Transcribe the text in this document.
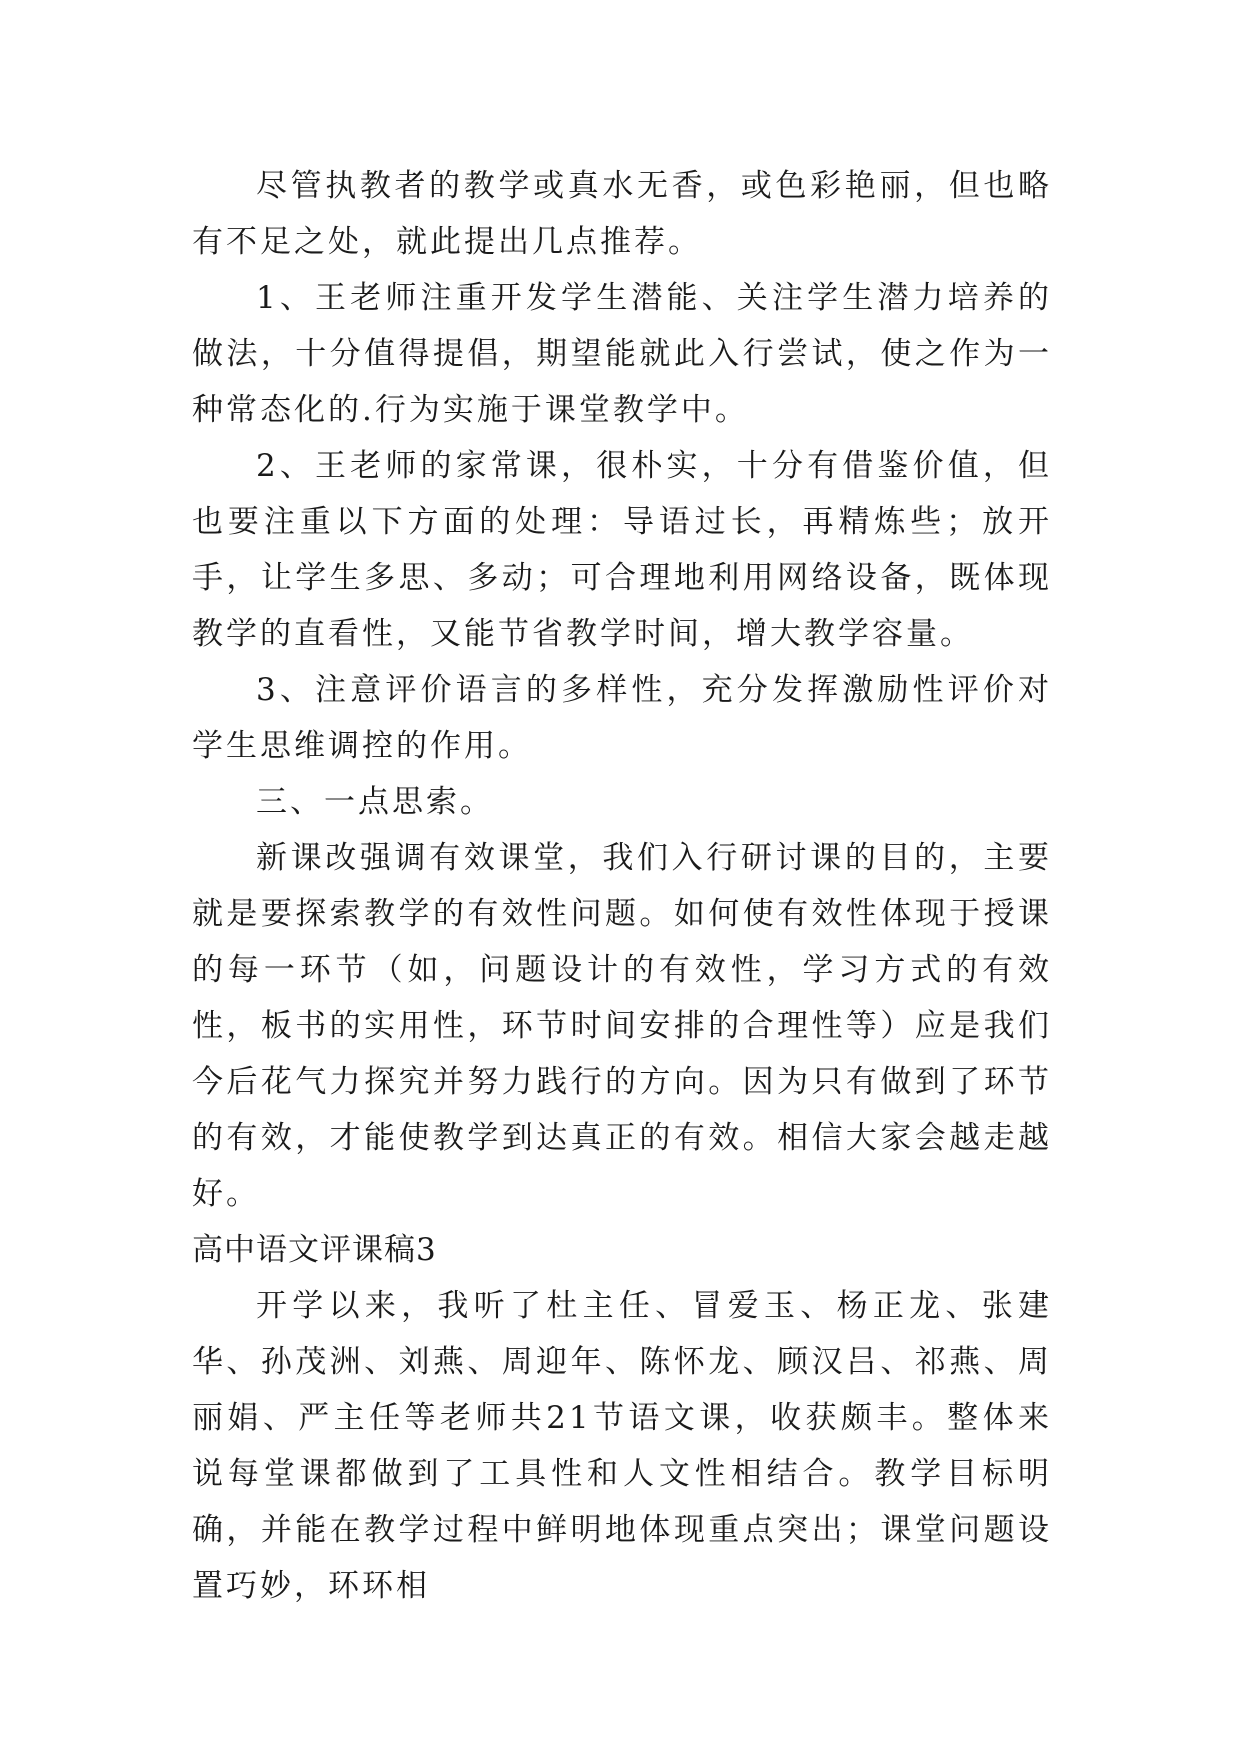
尽管执教者的教学或真水无香，或色彩艳丽，但也略有不足之处，就此提出几点推荐。

1、王老师注重开发学生潜能、关注学生潜力培养的做法，十分值得提倡，期望能就此入行尝试，使之作为一种常态化的.行为实施于课堂教学中。

2、王老师的家常课，很朴实，十分有借鉴价值，但也要注重以下方面的处理：导语过长，再精炼些；放开手，让学生多思、多动；可合理地利用网络设备，既体现教学的直看性，又能节省教学时间，增大教学容量。

3、注意评价语言的多样性，充分发挥激励性评价对学生思维调控的作用。

三、一点思索。

新课改强调有效课堂，我们入行研讨课的目的，主要就是要探索教学的有效性问题。如何使有效性体现于授课的每一环节（如，问题设计的有效性，学习方式的有效性，板书的实用性，环节时间安排的合理性等）应是我们今后花气力探究并努力践行的方向。因为只有做到了环节的有效，才能使教学到达真正的有效。相信大家会越走越好。

高中语文评课稿3

开学以来，我听了杜主任、冒爱玉、杨正龙、张建华、孙茂洲、刘燕、周迎年、陈怀龙、顾汉吕、祁燕、周丽娟、严主任等老师共21节语文课，收获颇丰。整体来说每堂课都做到了工具性和人文性相结合。教学目标明确，并能在教学过程中鲜明地体现重点突出；课堂问题设置巧妙，环环相
